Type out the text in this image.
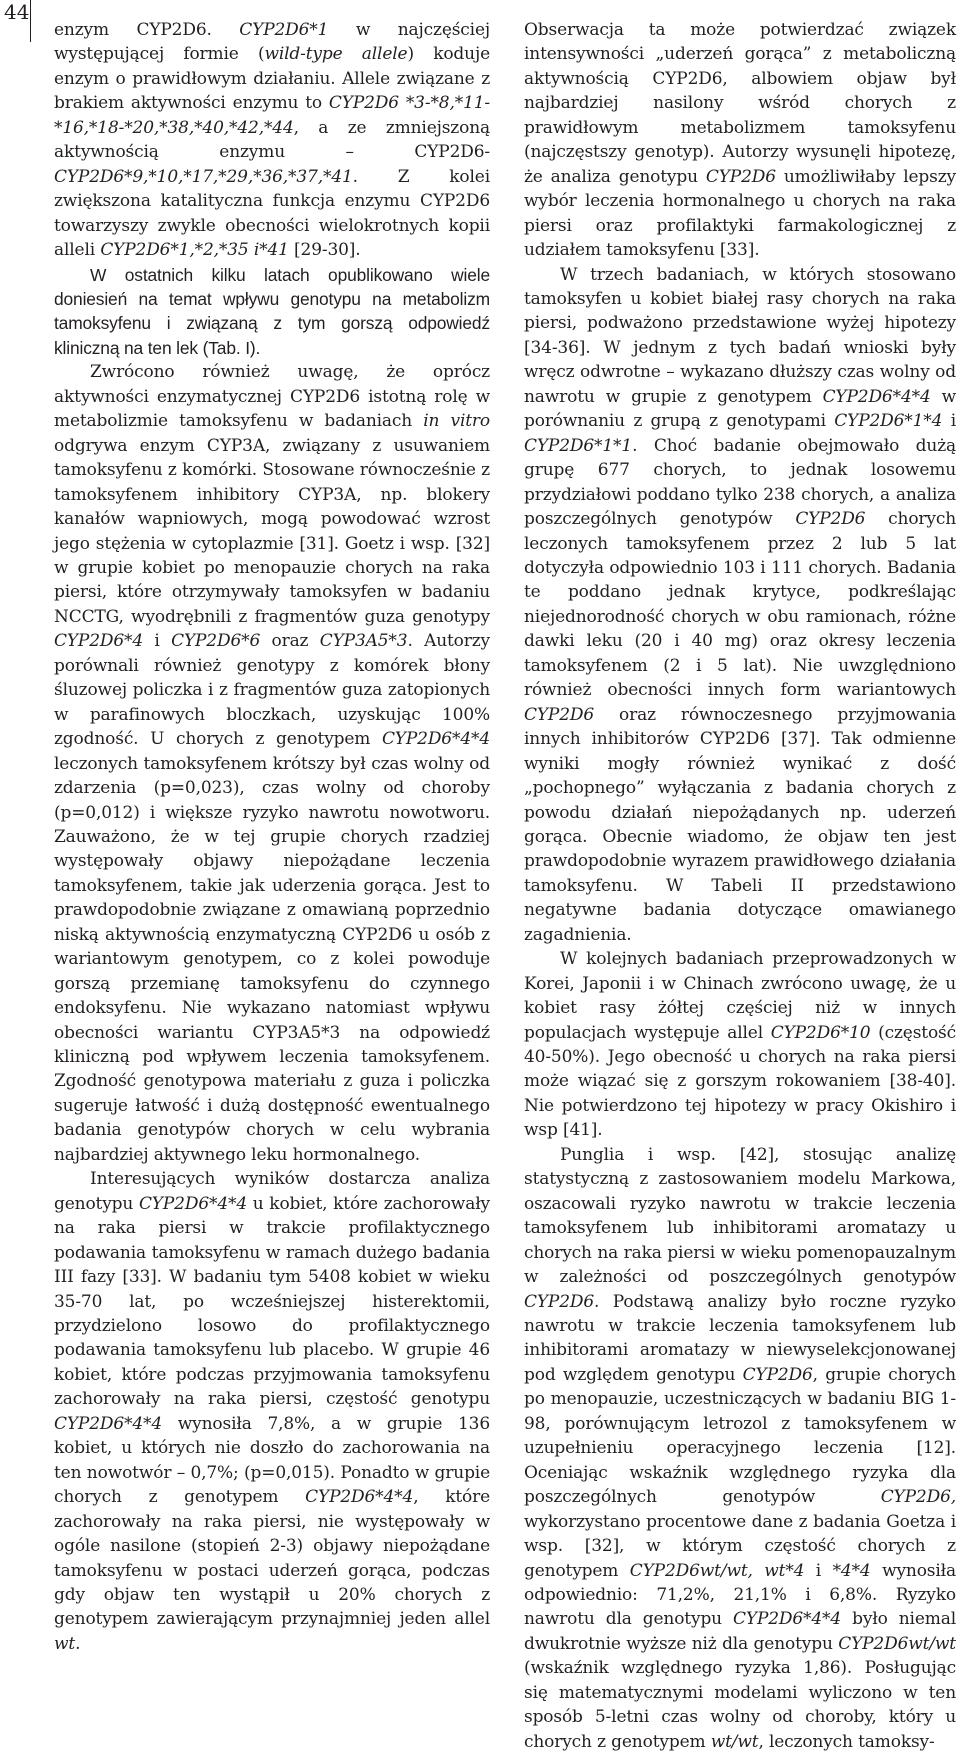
44

enzym CYP2D6. CYP2D6*1 w najczęściej występującej formie (wild-type allele) koduje enzym o prawidłowym działaniu. Allele związane z brakiem aktywności enzymu to CYP2D6 *3-*8,*11-*16,*18-*20,*38,*40,*42,*44, a ze zmniejszoną aktywnością enzymu – CYP2D6-CYP2D6*9,*10,*17,*29,*36,*37,*41. Z kolei zwiększona katalityczna funkcja enzymu CYP2D6 towarzyszy zwykle obecności wielokrotnych kopii alleli CYP2D6*1,*2,*35 i*41 [29-30].

W ostatnich kilku latach opublikowano wiele doniesień na temat wpływu genotypu na metabolizm tamoksyfenu i związaną z tym gorszą odpowiedź kliniczną na ten lek (Tab. I).

Zwrócono również uwagę, że oprócz aktywności enzymatycznej CYP2D6 istotną rolę w metabolizmie tamoksyfenu w badaniach in vitro odgrywa enzym CYP3A, związany z usuwaniem tamoksyfenu z komórki. Stosowane równocześnie z tamoksyfenem inhibitory CYP3A, np. blokery kanałów wapniowych, mogą powodować wzrost jego stężenia w cytoplazmie [31]. Goetz i wsp. [32] w grupie kobiet po menopauzie chorych na raka piersi, które otrzymywały tamoksyfen w badaniu NCCTG, wyodrębnili z fragmentów guza genotypy CYP2D6*4 i CYP2D6*6 oraz CYP3A5*3. Autorzy porównali również genotypy z komórek błony śluzowej policzka i z fragmentów guza zatopionych w parafinowych bloczkach, uzyskując 100% zgodność. U chorych z genotypem CYP2D6*4*4 leczonych tamoksyfenem krótszy był czas wolny od zdarzenia (p=0,023), czas wolny od choroby (p=0,012) i większe ryzyko nawrotu nowotworu. Zauważono, że w tej grupie chorych rzadziej występowały objawy niepożądane leczenia tamoksyfenem, takie jak uderzenia gorąca. Jest to prawdopodobnie związane z omawianą poprzednio niską aktywnością enzymatyczną CYP2D6 u osób z wariantowym genotypem, co z kolei powoduje gorszą przemianę tamoksyfenu do czynnego endoksyfenu. Nie wykazano natomiast wpływu obecności wariantu CYP3A5*3 na odpowiedź kliniczną pod wpływem leczenia tamoksyfenem. Zgodność genotypowa materiału z guza i policzka sugeruje łatwość i dużą dostępność ewentualnego badania genotypów chorych w celu wybrania najbardziej aktywnego leku hormonalnego.

Interesujących wyników dostarcza analiza genotypu CYP2D6*4*4 u kobiet, które zachorowały na raka piersi w trakcie profilaktycznego podawania tamoksyfenu w ramach dużego badania III fazy [33]. W badaniu tym 5408 kobiet w wieku 35-70 lat, po wcześniejszej histerektomii, przydzielono losowo do profilaktycznego podawania tamoksyfenu lub placebo. W grupie 46 kobiet, które podczas przyjmowania tamoksyfenu zachorowały na raka piersi, częstość genotypu CYP2D6*4*4 wynosiła 7,8%, a w grupie 136 kobiet, u których nie doszło do zachorowania na ten nowotwór – 0,7%; (p=0,015). Ponadto w grupie chorych z genotypem CYP2D6*4*4, które zachorowały na raka piersi, nie występowały w ogóle nasilone (stopień 2-3) objawy niepożądane tamoksyfenu w postaci uderzeń gorąca, podczas gdy objaw ten wystąpił u 20% chorych z genotypem zawierającym przynajmniej jeden allel wt.

Obserwacja ta może potwierdzać związek intensywności „uderzeń gorąca” z metaboliczną aktywnością CYP2D6, albowiem objaw był najbardziej nasilony wśród chorych z prawidłowym metabolizmem tamoksyfenu (najczęstszy genotyp). Autorzy wysunęli hipotezę, że analiza genotypu CYP2D6 umożliwiłaby lepszy wybór leczenia hormonalnego u chorych na raka piersi oraz profilaktyki farmakologicznej z udziałem tamoksyfenu [33].

W trzech badaniach, w których stosowano tamoksyfen u kobiet białej rasy chorych na raka piersi, podważono przedstawione wyżej hipotezy [34-36]. W jednym z tych badań wnioski były wręcz odwrotne – wykazano dłuższy czas wolny od nawrotu w grupie z genotypem CYP2D6*4*4 w porównaniu z grupą z genotypami CYP2D6*1*4 i CYP2D6*1*1. Choć badanie obejmowało dużą grupę 677 chorych, to jednak losowemu przydziałowi poddano tylko 238 chorych, a analiza poszczególnych genotypów CYP2D6 chorych leczonych tamoksyfenem przez 2 lub 5 lat dotyczyła odpowiednio 103 i 111 chorych. Badania te poddano jednak krytyce, podkreślając niejednorodność chorych w obu ramionach, różne dawki leku (20 i 40 mg) oraz okresy leczenia tamoksyfenem (2 i 5 lat). Nie uwzględniono również obecności innych form wariantowych CYP2D6 oraz równoczesnego przyjmowania innych inhibitorów CYP2D6 [37]. Tak odmienne wyniki mogły również wynikać z dość „pochopnego” wyłączania z badania chorych z powodu działań niepożądanych np. uderzeń gorąca. Obecnie wiadomo, że objaw ten jest prawdopodobnie wyrazem prawidłowego działania tamoksyfenu. W Tabeli II przedstawiono negatywne badania dotyczące omawianego zagadnienia.

W kolejnych badaniach przeprowadzonych w Korei, Japonii i w Chinach zwrócono uwagę, że u kobiet rasy żółtej częściej niż w innych populacjach występuje allel CYP2D6*10 (częstość 40-50%). Jego obecność u chorych na raka piersi może wiązać się z gorszym rokowaniem [38-40]. Nie potwierdzono tej hipotezy w pracy Okishiro i wsp [41].

Punglia i wsp. [42], stosując analizę statystyczną z zastosowaniem modelu Markowa, oszacowali ryzyko nawrotu w trakcie leczenia tamoksyfenem lub inhibitorami aromatazy u chorych na raka piersi w wieku pomenopauzalnym w zależności od poszczególnych genotypów CYP2D6. Podstawą analizy było roczne ryzyko nawrotu w trakcie leczenia tamoksyfenem lub inhibitorami aromatazy w niewyselekcjonowanej pod względem genotypu CYP2D6, grupie chorych po menopauzie, uczestniczących w badaniu BIG 1-98, porównującym letrozol z tamoksyfenem w uzupełnieniu operacyjnego leczenia [12]. Oceniając wskaźnik względnego ryzyka dla poszczególnych genotypów CYP2D6, wykorzystano procentowe dane z badania Goetza i wsp. [32], w którym częstość chorych z genotypem CYP2D6wt/wt, wt*4 i *4*4 wynosiła odpowiednio: 71,2%, 21,1% i 6,8%. Ryzyko nawrotu dla genotypu CYP2D6*4*4 było niemal dwukrotnie wyższe niż dla genotypu CYP2D6wt/wt (wskaźnik względnego ryzyka 1,86). Posługując się matematycznymi modelami wyliczono w ten sposób 5-letni czas wolny od choroby, który u chorych z genotypem wt/wt, leczonych tamoksy-
